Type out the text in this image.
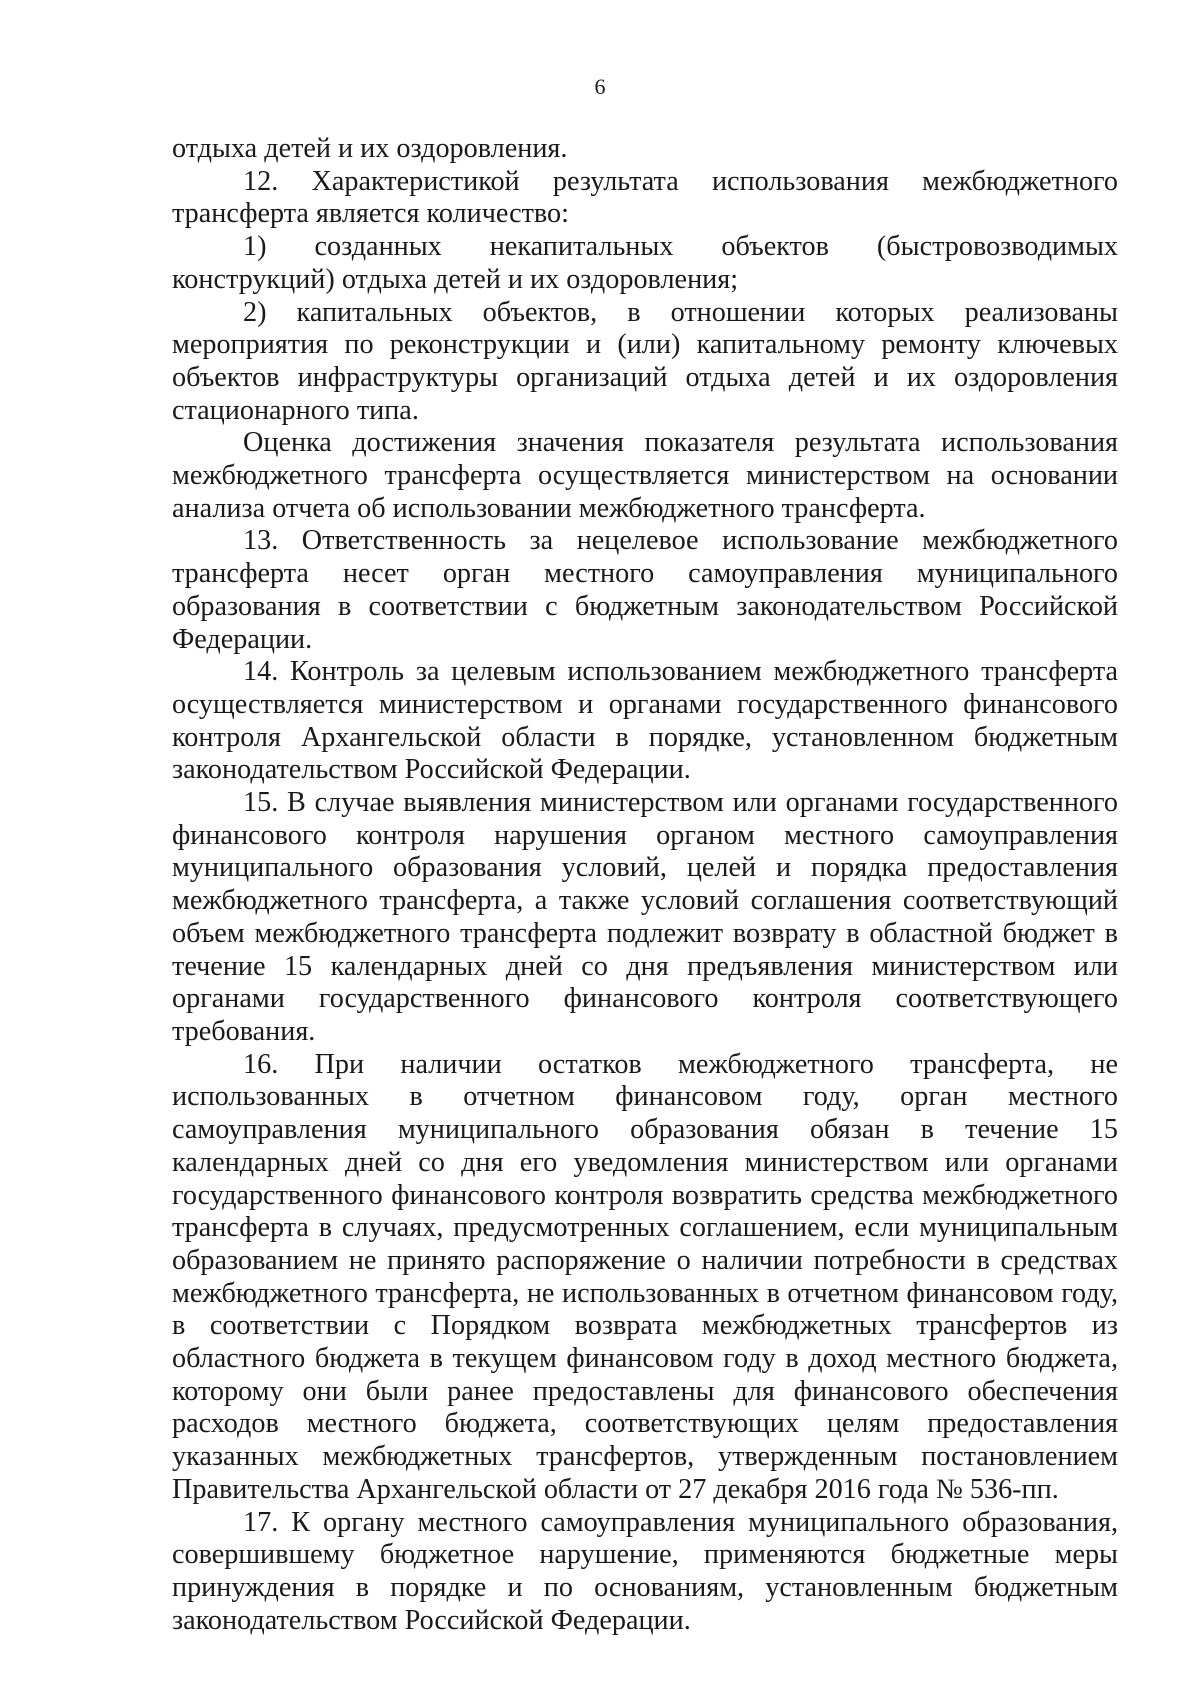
6

отдыха детей и их оздоровления.

12. Характеристикой результата использования межбюджетного трансферта является количество:

1) созданных некапитальных объектов (быстровозводимых конструкций) отдыха детей и их оздоровления;

2) капитальных объектов, в отношении которых реализованы мероприятия по реконструкции и (или) капитальному ремонту ключевых объектов инфраструктуры организаций отдыха детей и их оздоровления стационарного типа.

Оценка достижения значения показателя результата использования межбюджетного трансферта осуществляется министерством на основании анализа отчета об использовании межбюджетного трансферта.

13. Ответственность за нецелевое использование межбюджетного трансферта несет орган местного самоуправления муниципального образования в соответствии с бюджетным законодательством Российской Федерации.

14. Контроль за целевым использованием межбюджетного трансферта осуществляется министерством и органами государственного финансового контроля Архангельской области в порядке, установленном бюджетным законодательством Российской Федерации.

15. В случае выявления министерством или органами государственного финансового контроля нарушения органом местного самоуправления муниципального образования условий, целей и порядка предоставления межбюджетного трансферта, а также условий соглашения соответствующий объем межбюджетного трансферта подлежит возврату в областной бюджет в течение 15 календарных дней со дня предъявления министерством или органами государственного финансового контроля соответствующего требования.

16. При наличии остатков межбюджетного трансферта, не использованных в отчетном финансовом году, орган местного самоуправления муниципального образования обязан в течение 15 календарных дней со дня его уведомления министерством или органами государственного финансового контроля возвратить средства межбюджетного трансферта в случаях, предусмотренных соглашением, если муниципальным образованием не принято распоряжение о наличии потребности в средствах межбюджетного трансферта, не использованных в отчетном финансовом году, в соответствии с Порядком возврата межбюджетных трансфертов из областного бюджета в текущем финансовом году в доход местного бюджета, которому они были ранее предоставлены для финансового обеспечения расходов местного бюджета, соответствующих целям предоставления указанных межбюджетных трансфертов, утвержденным постановлением Правительства Архангельской области от 27 декабря 2016 года № 536-пп.

17. К органу местного самоуправления муниципального образования, совершившему бюджетное нарушение, применяются бюджетные меры принуждения в порядке и по основаниям, установленным бюджетным законодательством Российской Федерации.
